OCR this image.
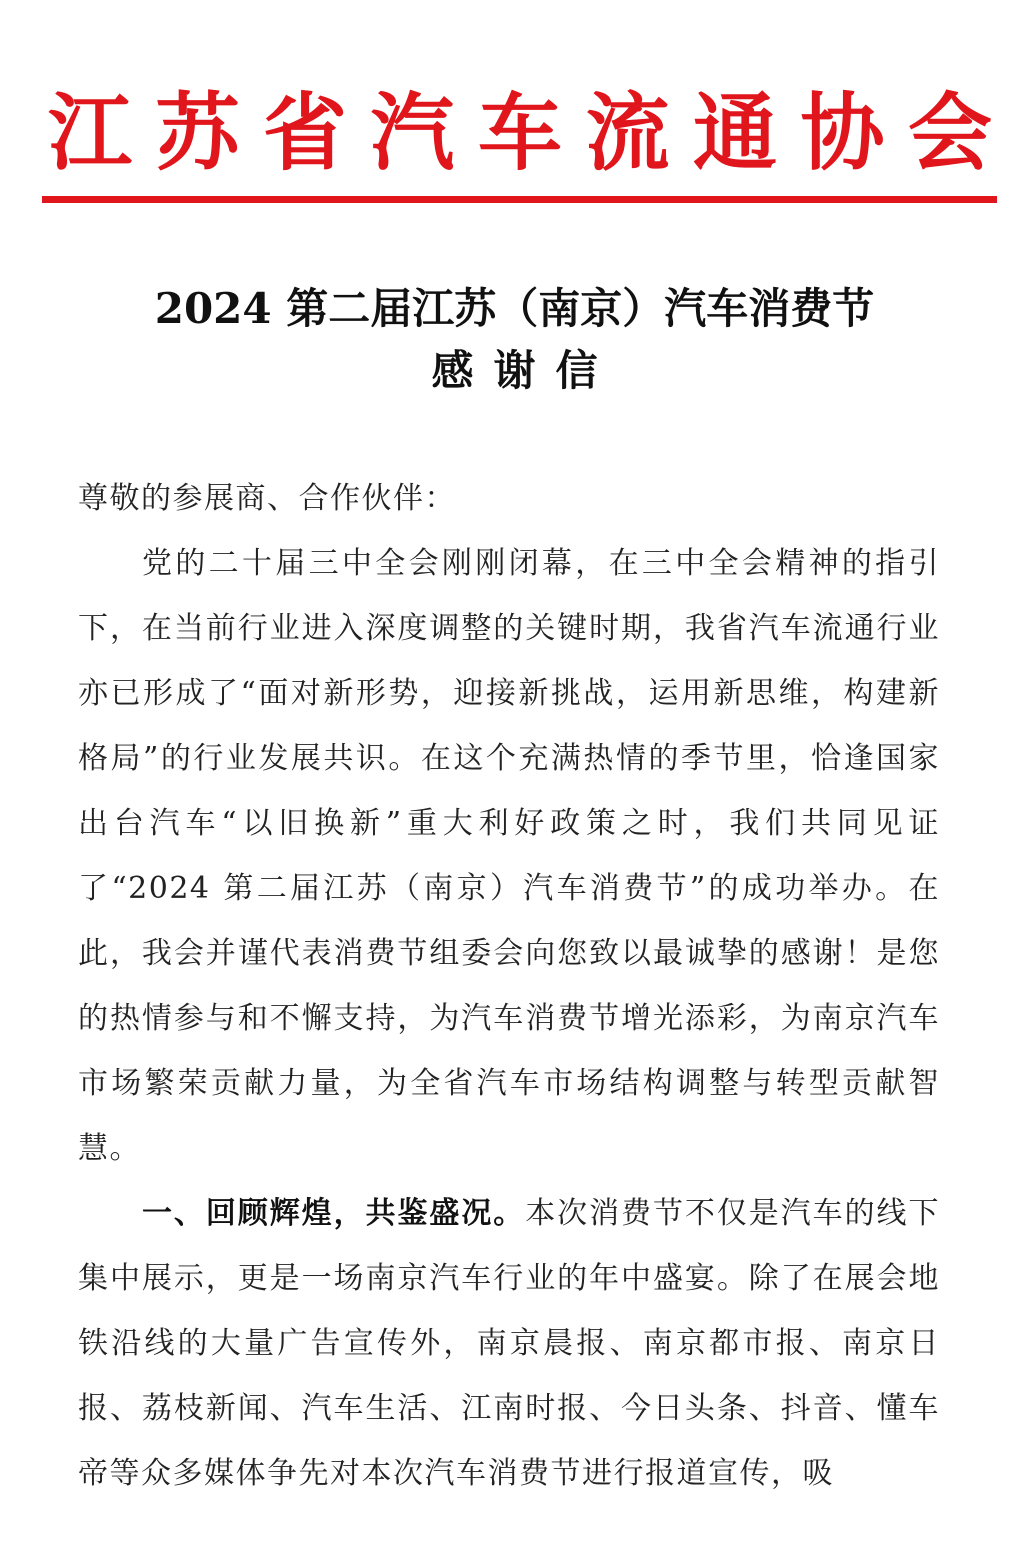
江 苏 省 汽 车 流 通 协 会
2024 第二届江苏（南京）汽车消费节
感谢信

尊敬的参展商、合作伙伴：

党的二十届三中全会刚刚闭幕，在三中全会精神的指引下，在当前行业进入深度调整的关键时期，我省汽车流通行业亦已形成了“面对新形势，迎接新挑战，运用新思维，构建新格局”的行业发展共识。在这个充满热情的季节里，恰逢国家出台汽车“以旧换新”重大利好政策之时，我们共同见证了“2024 第二届江苏（南京）汽车消费节”的成功举办。在此，我会并谨代表消费节组委会向您致以最诚挚的感谢！是您的热情参与和不懈支持，为汽车消费节增光添彩，为南京汽车市场繁荣贡献力量，为全省汽车市场结构调整与转型贡献智慧。

一、回顾辉煌，共鉴盛况。本次消费节不仅是汽车的线下集中展示，更是一场南京汽车行业的年中盛宴。除了在展会地铁沿线的大量广告宣传外，南京晨报、南京都市报、南京日报、荔枝新闻、汽车生活、江南时报、今日头条、抖音、懂车帝等众多媒体争先对本次汽车消费节进行报道宣传，吸
